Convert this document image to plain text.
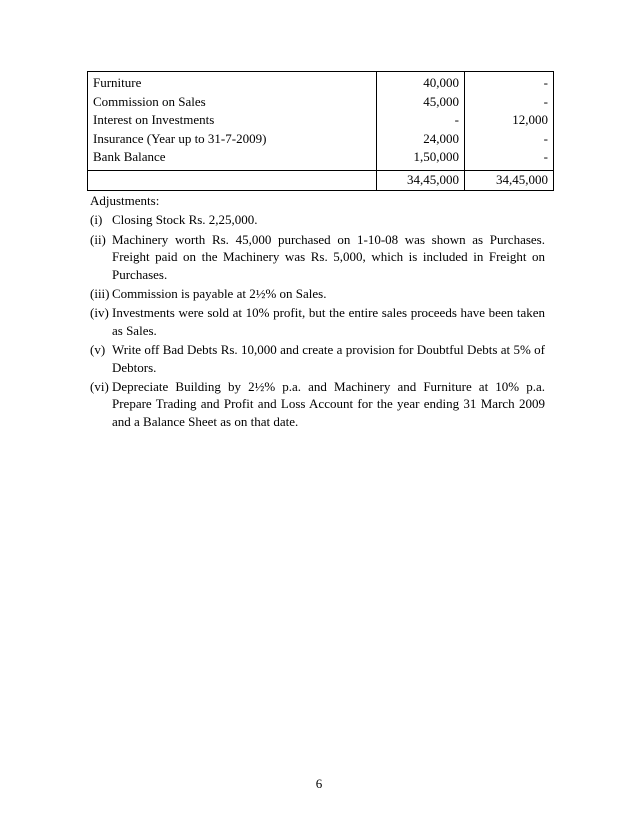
Furniture	40,000	-
Commission on Sales	45,000	-
Interest on Investments	-	12,000
Insurance (Year up to 31-7-2009)	24,000	-
Bank Balance	1,50,000	-
	34,45,000	34,45,000
Adjustments:
(i) Closing Stock Rs. 2,25,000.
(ii) Machinery worth Rs. 45,000 purchased on 1-10-08 was shown as Purchases. Freight paid on the Machinery was Rs. 5,000, which is included in Freight on Purchases.
(iii) Commission is payable at 2½% on Sales.
(iv) Investments were sold at 10% profit, but the entire sales proceeds have been taken as Sales.
(v) Write off Bad Debts Rs. 10,000 and create a provision for Doubtful Debts at 5% of Debtors.
(vi) Depreciate Building by 2½% p.a. and Machinery and Furniture at 10% p.a. Prepare Trading and Profit and Loss Account for the year ending 31 March 2009 and a Balance Sheet as on that date.
6
